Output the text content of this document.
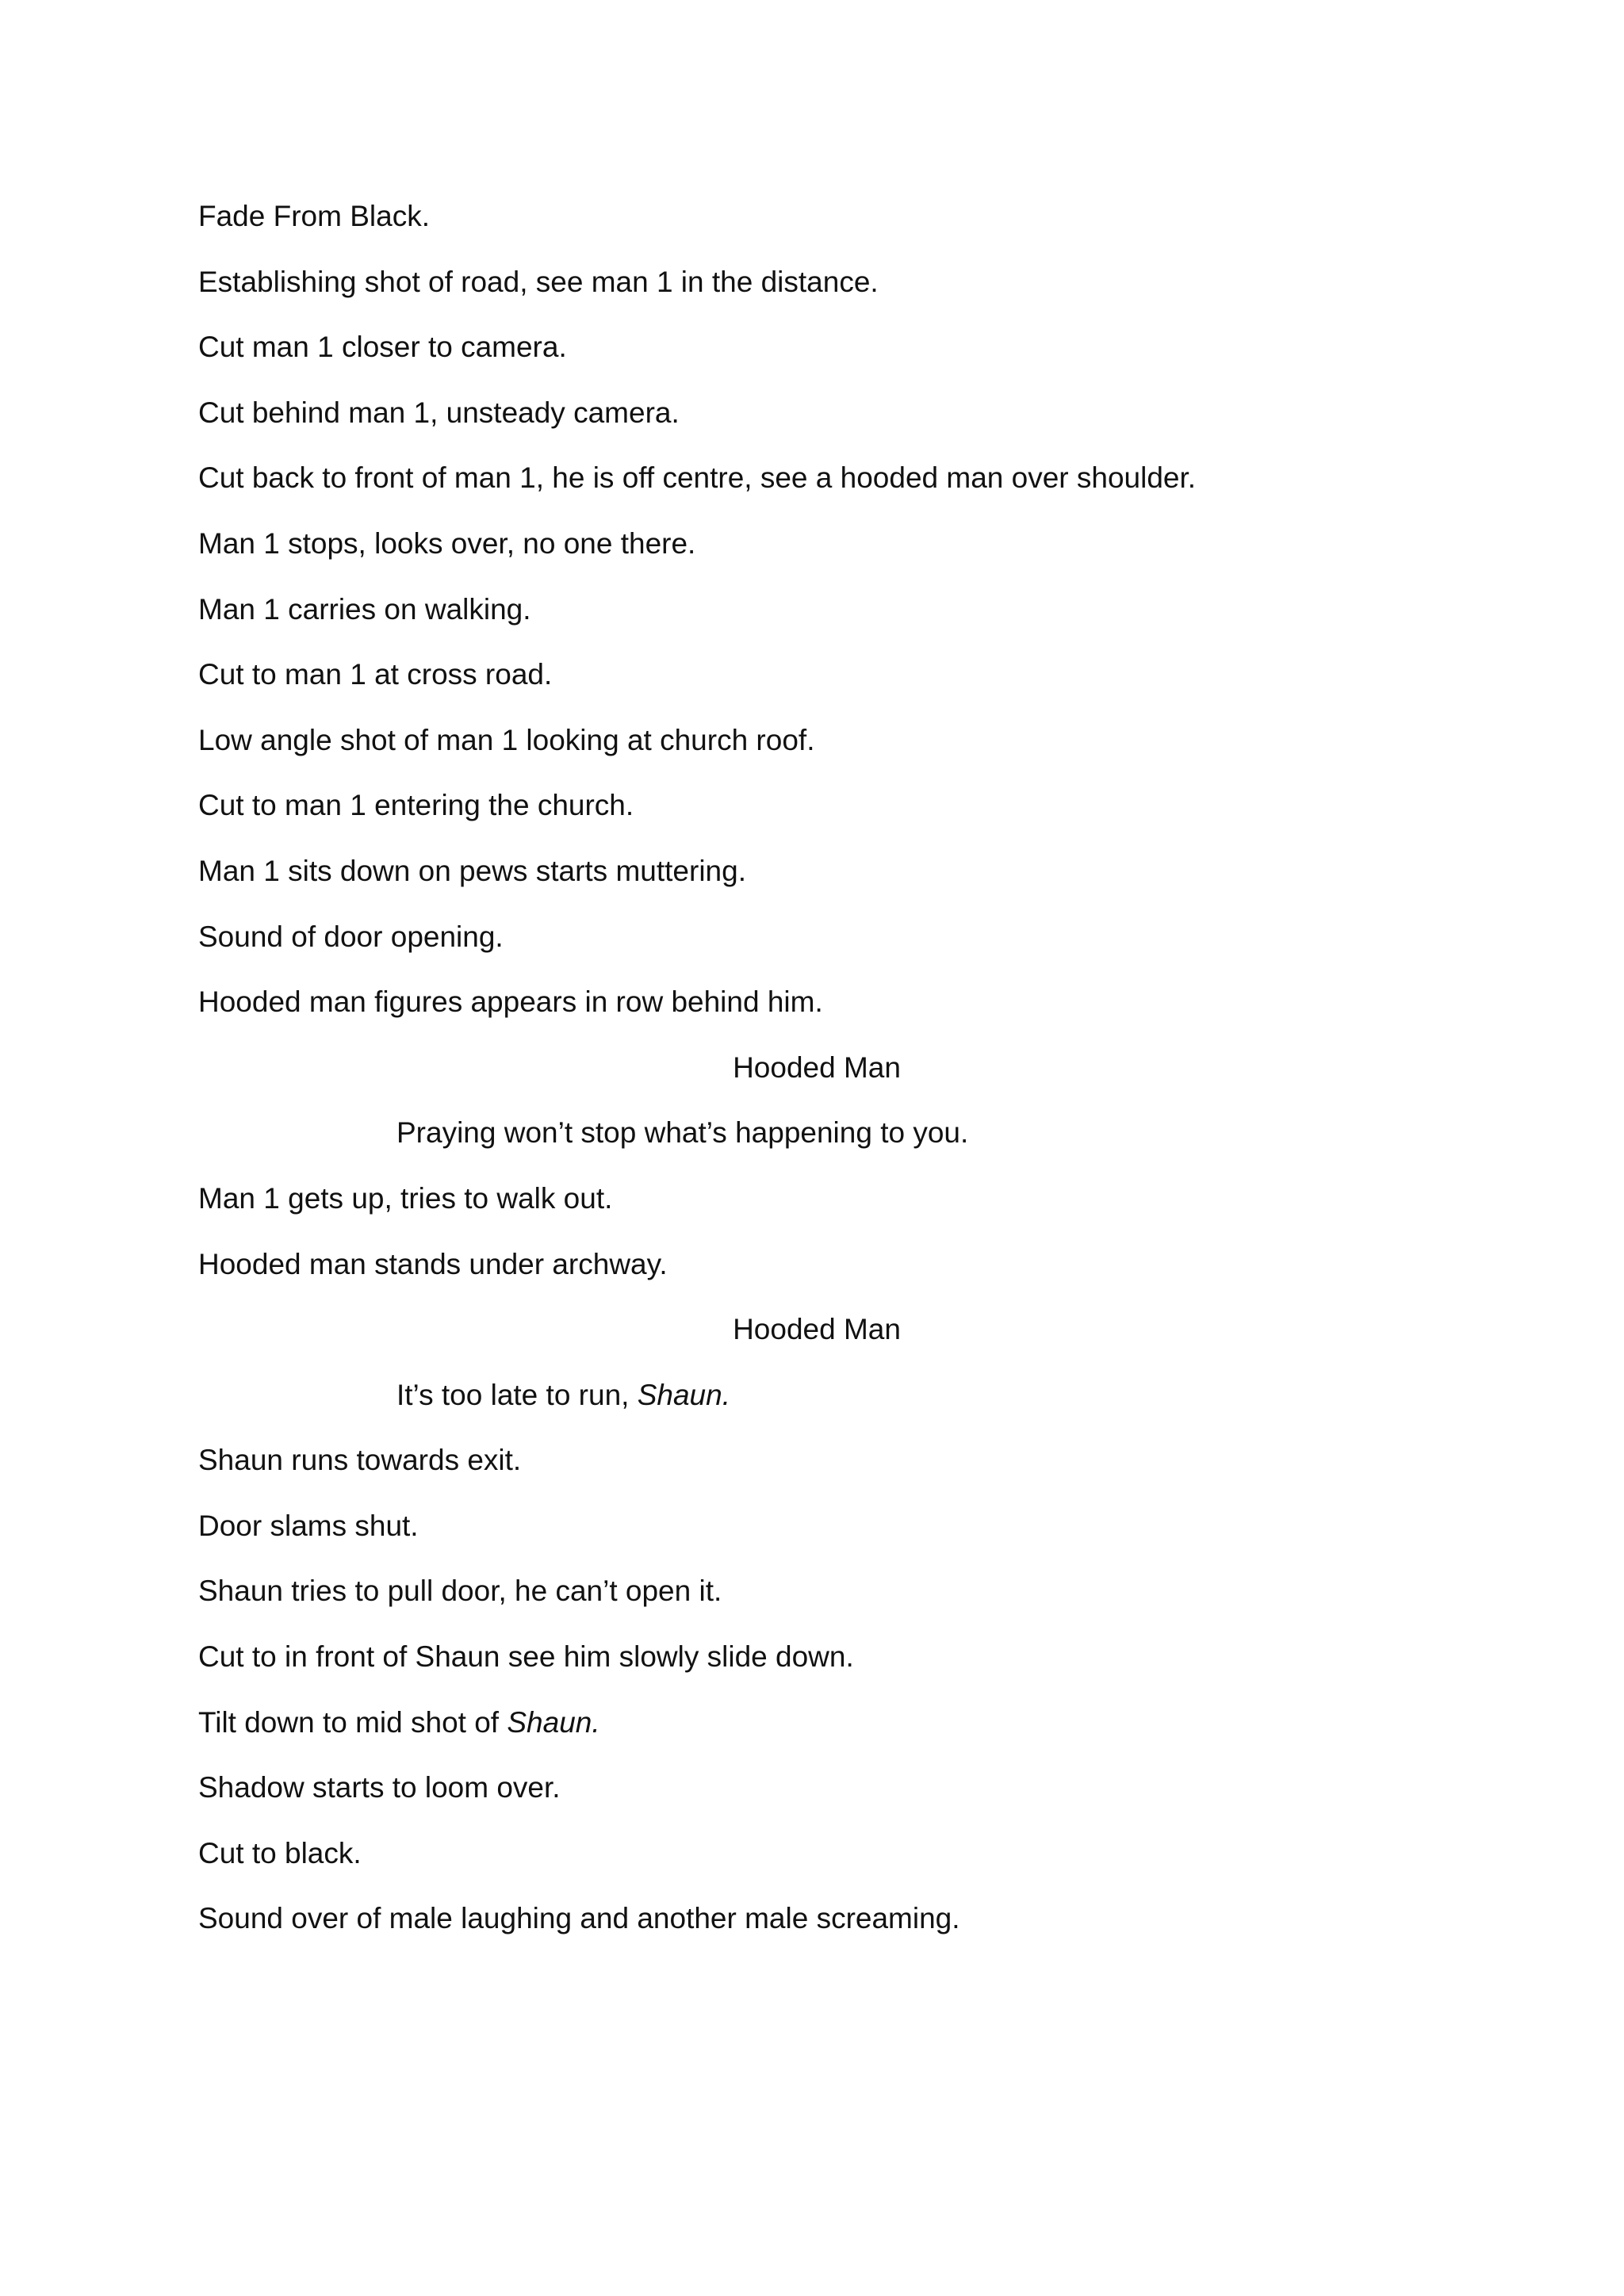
Fade From Black.
Establishing shot of road, see man 1 in the distance.
Cut man 1 closer to camera.
Cut behind man 1, unsteady camera.
Cut back to front of man 1, he is off centre, see a hooded man over shoulder.
Man 1 stops, looks over, no one there.
Man 1 carries on walking.
Cut to man 1 at cross road.
Low angle shot of man 1 looking at church roof.
Cut to man 1 entering the church.
Man 1 sits down on pews starts muttering.
Sound of door opening.
Hooded man figures appears in row behind him.
Hooded Man
Praying won’t stop what’s happening to you.
Man 1 gets up, tries to walk out.
Hooded man stands under archway.
Hooded Man
It’s too late to run, Shaun.
Shaun runs towards exit.
Door slams shut.
Shaun tries to pull door, he can’t open it.
Cut to in front of Shaun see him slowly slide down.
Tilt down to mid shot of Shaun.
Shadow starts to loom over.
Cut to black.
Sound over of male laughing and another male screaming.
